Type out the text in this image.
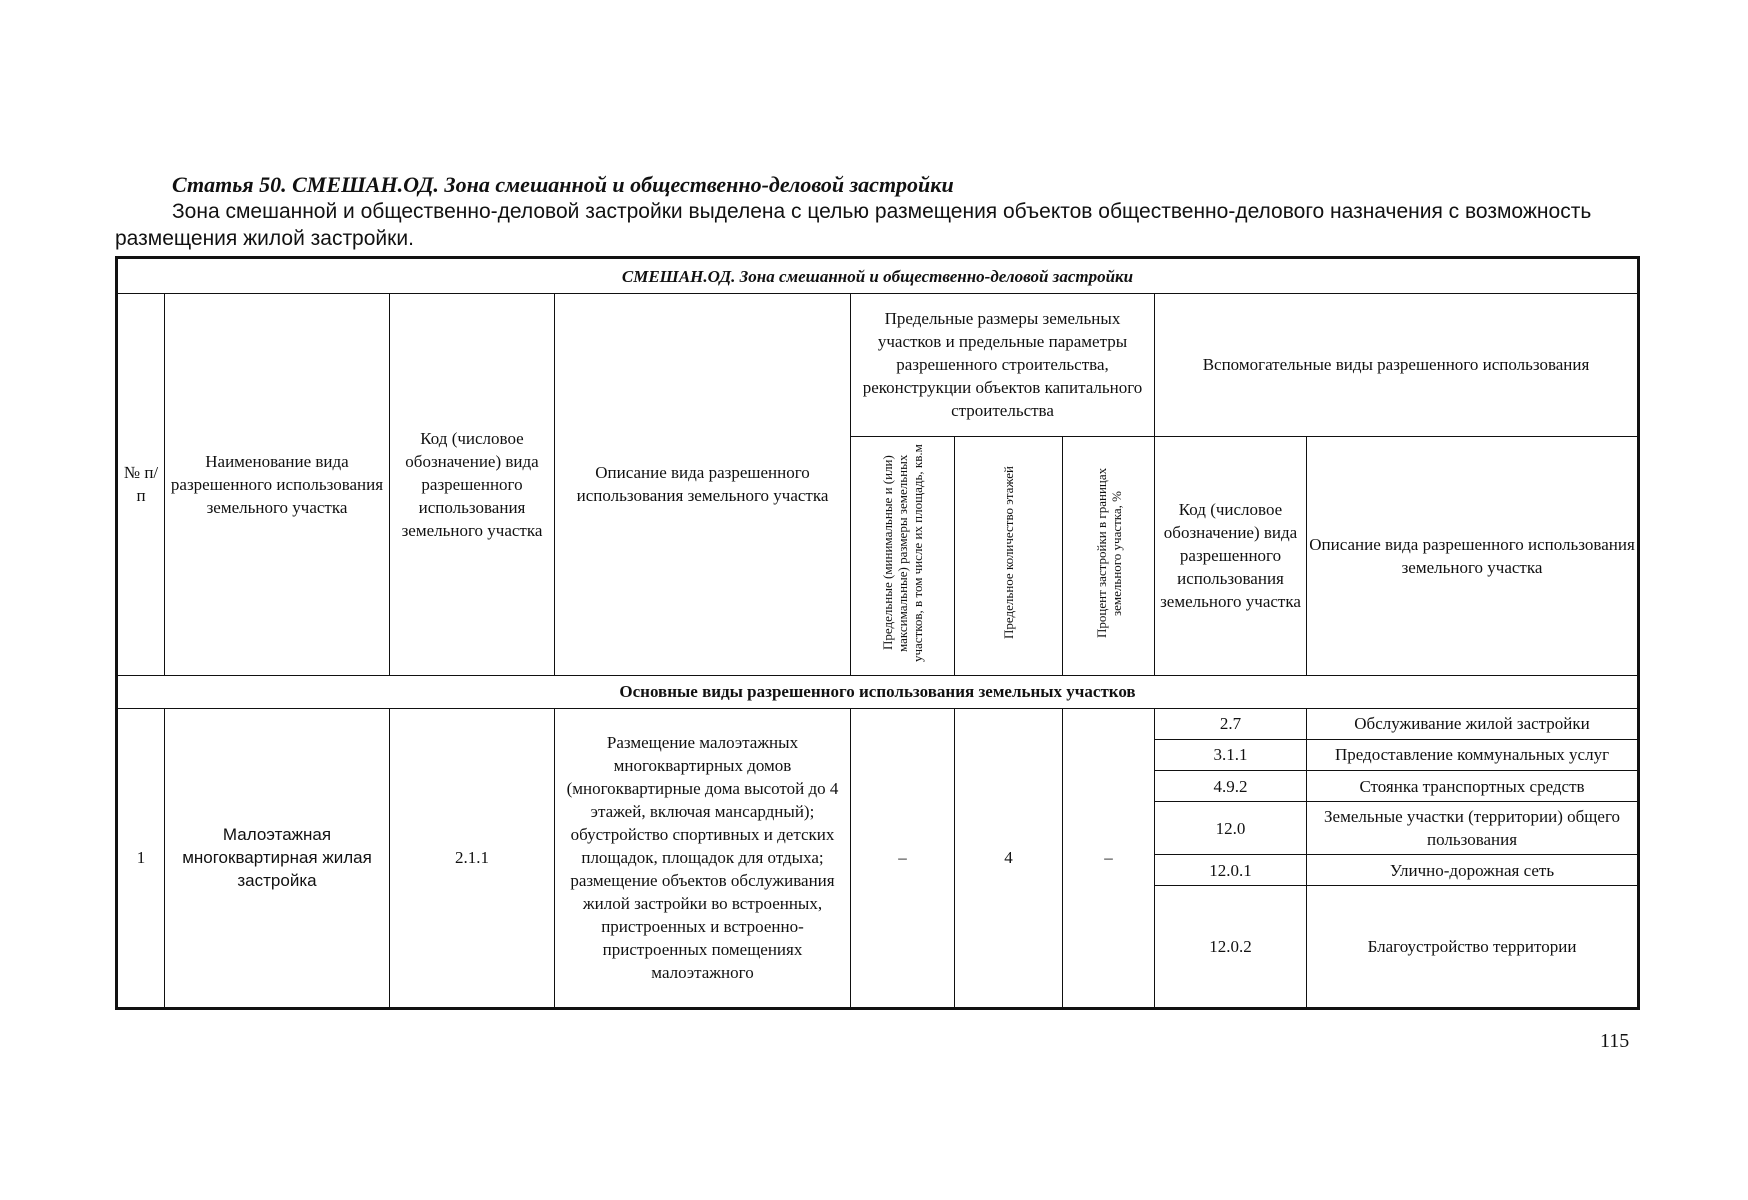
Статья 50. СМЕШАН.ОД. Зона смешанной и общественно-деловой застройки
Зона смешанной и общественно-деловой застройки выделена с целью размещения объектов общественно-делового назначения с возможность размещения жилой застройки.
СМЕШАН.ОД. Зона смешанной и общественно-деловой застройки								
№ п/п	Наименование вида разрешенного использования земельного участка	Код (числовое обозначение) вида разрешенного использования земельного участка	Описание вида разрешенного использования земельного участка	Предельные размеры земельных участков и предельные параметры разрешенного строительства, реконструкции объектов капитального строительства			Вспомогательные виды разрешенного использования	
				Предельные (минимальные и (или) максимальные) размеры земельных участков, в том числе их площадь, кв.м	Предельное количество этажей	Процент застройки в границах земельного участка, %	Код (числовое обозначение) вида разрешенного использования земельного участка	Описание вида разрешенного использования земельного участка
Основные виды разрешенного использования земельных участков								
1	Малоэтажная многоквартирная жилая застройка	2.1.1	Размещение малоэтажных многоквартирных домов (многоквартирные дома высотой до 4 этажей, включая мансардный); обустройство спортивных и детских площадок, площадок для отдыха; размещение объектов обслуживания жилой застройки во встроенных, пристроенных и встроенно-пристроенных помещениях малоэтажного	–	4	–	2.7	Обслуживание жилой застройки
							3.1.1	Предоставление коммунальных услуг
							4.9.2	Стоянка транспортных средств
							12.0	Земельные участки (территории) общего пользования
							12.0.1	Улично-дорожная сеть
							12.0.2	Благоустройство территории
115
